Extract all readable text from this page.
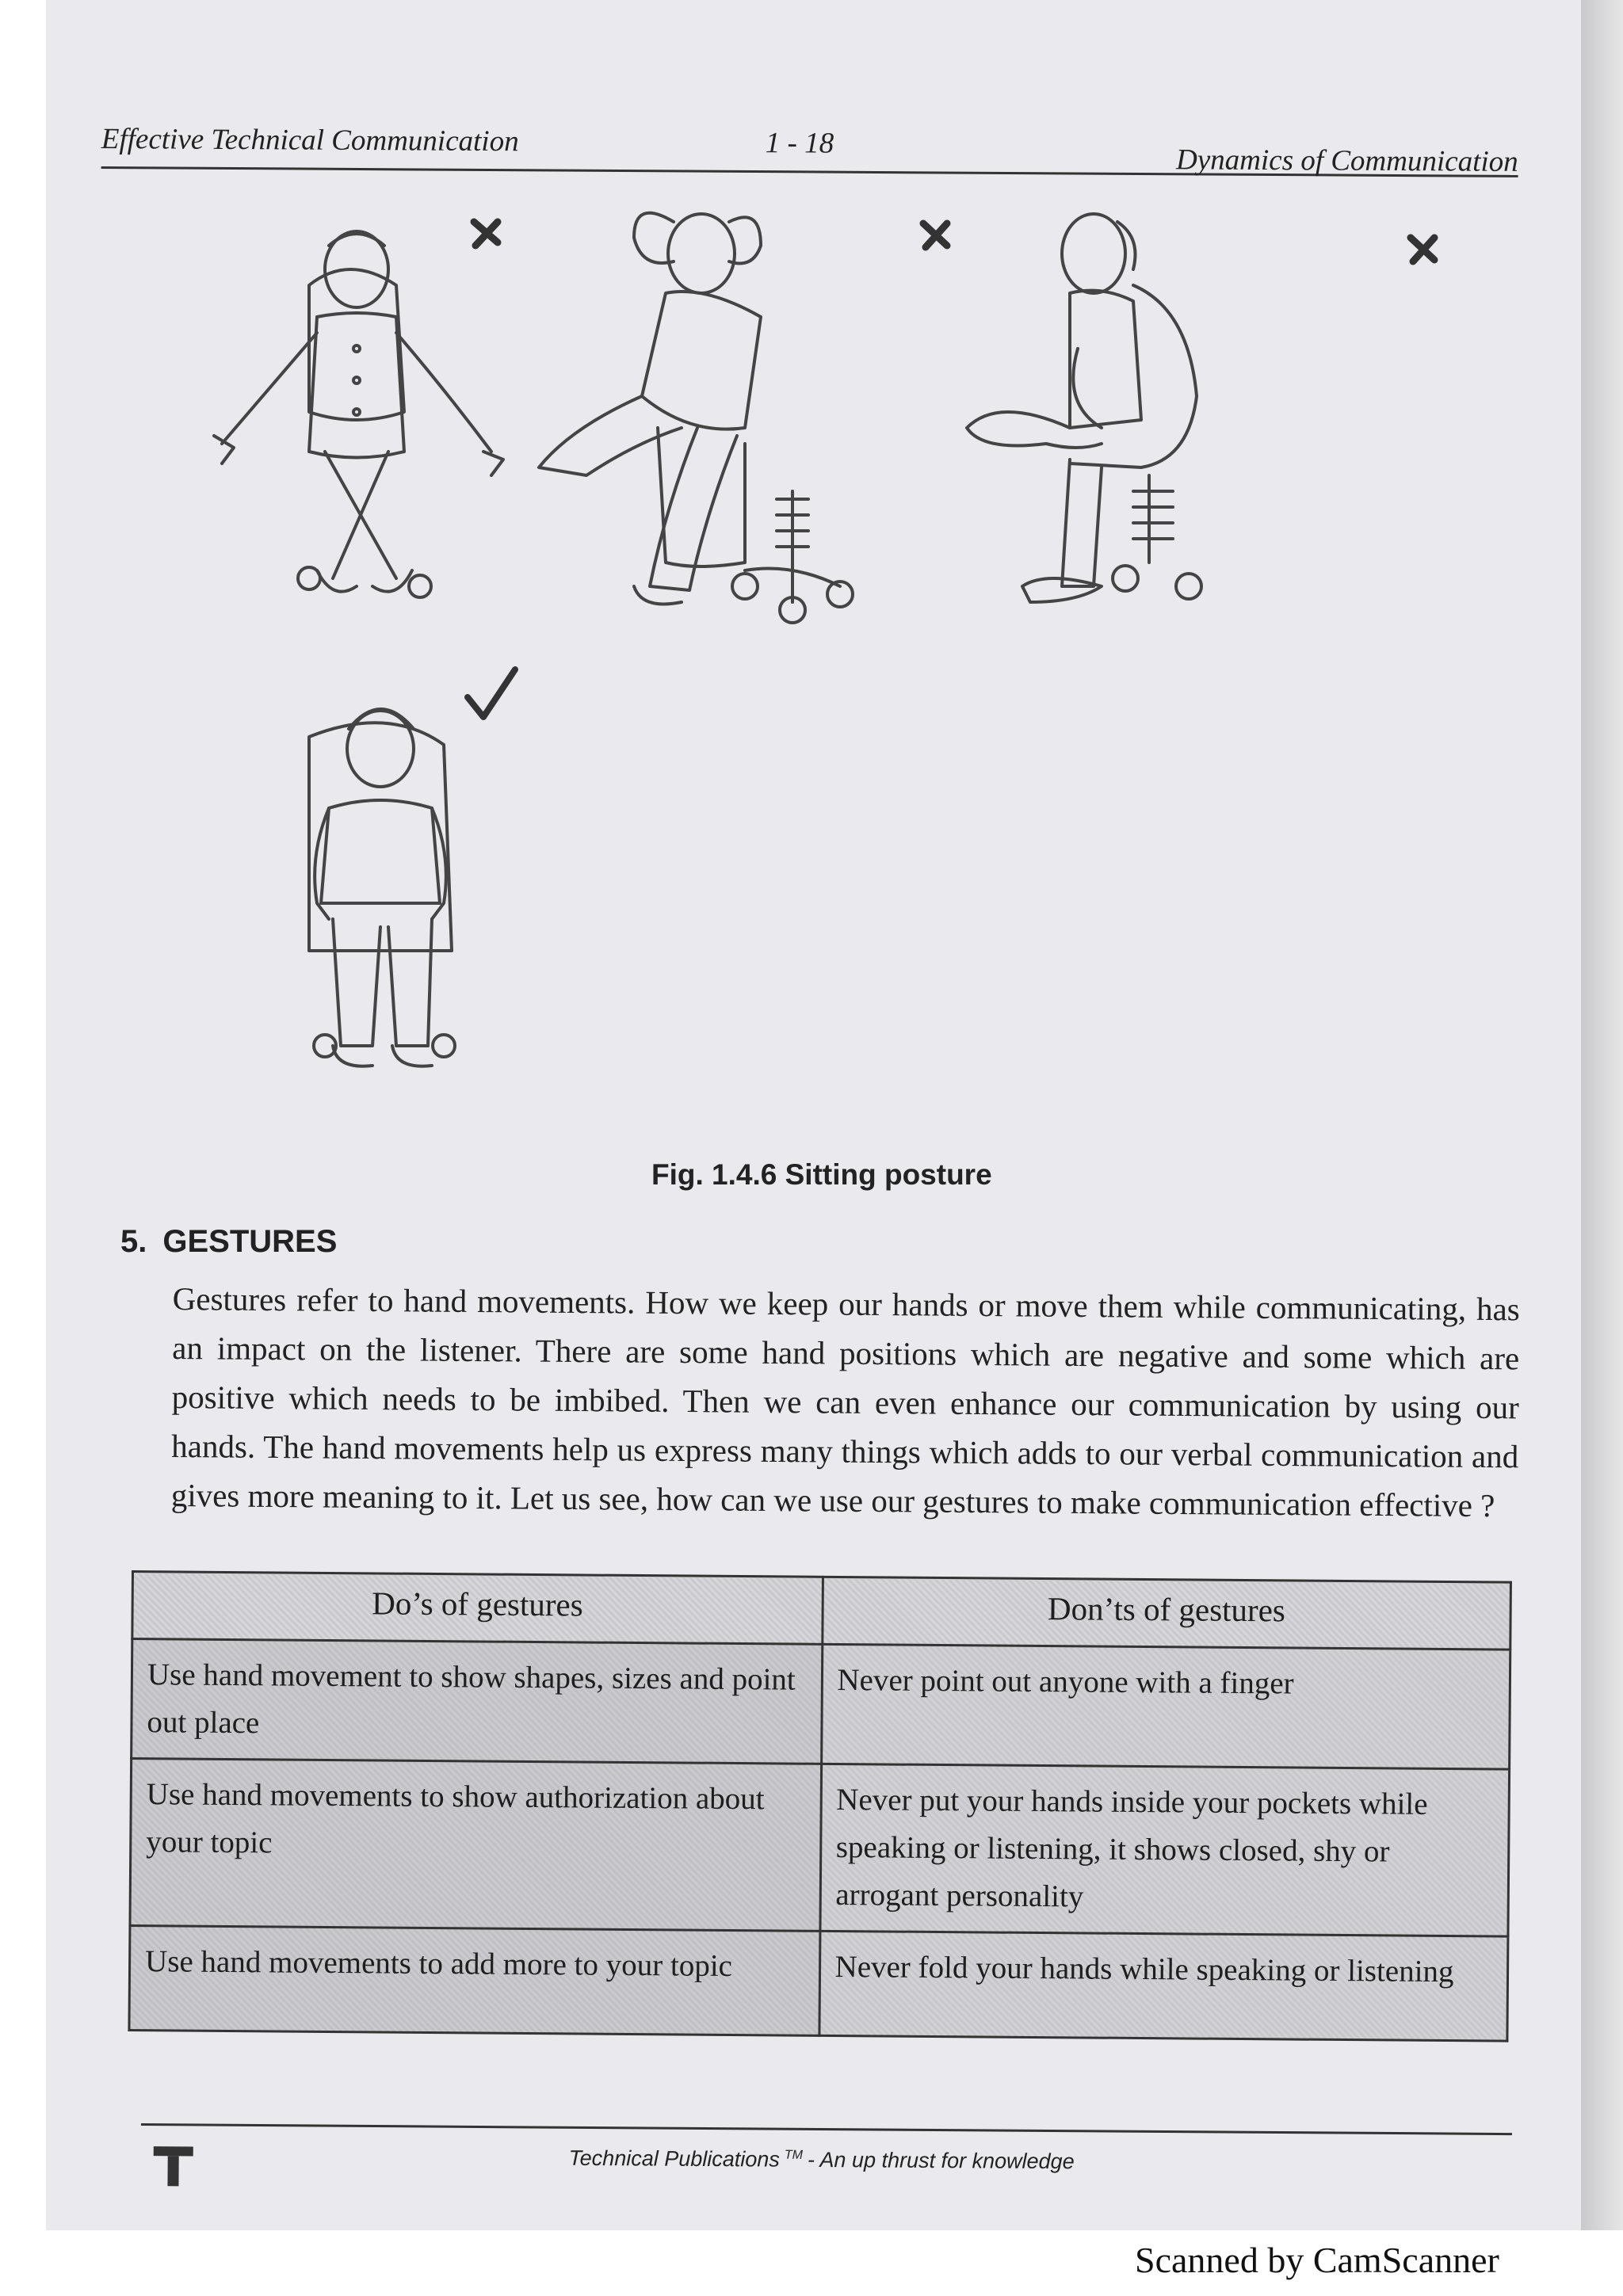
Effective Technical Communication	1 - 18
Dynamics of Communication
Fig. 1.4.6 Sitting posture
5. GESTURES
Gestures refer to hand movements. How we keep our hands or move them while communicating, has an impact on the listener. There are some hand positions which are negative and some which are positive which needs to be imbibed. Then we can even enhance our communication by using our hands. The hand movements help us express many things which adds to our verbal communication and gives more meaning to it. Let us see, how can we use our gestures to make communication effective ?
Do’s of gestures	Don’ts of gestures
Use hand movement to show shapes, sizes and point out place	Never point out anyone with a finger
Use hand movements to show authorization about your topic	Never put your hands inside your pockets while speaking or listening, it shows closed, shy or arrogant personality
Use hand movements to add more to your topic	Never fold your hands while speaking or listening
Technical Publications ™ - An up thrust for knowledge
Scanned by CamScanner
